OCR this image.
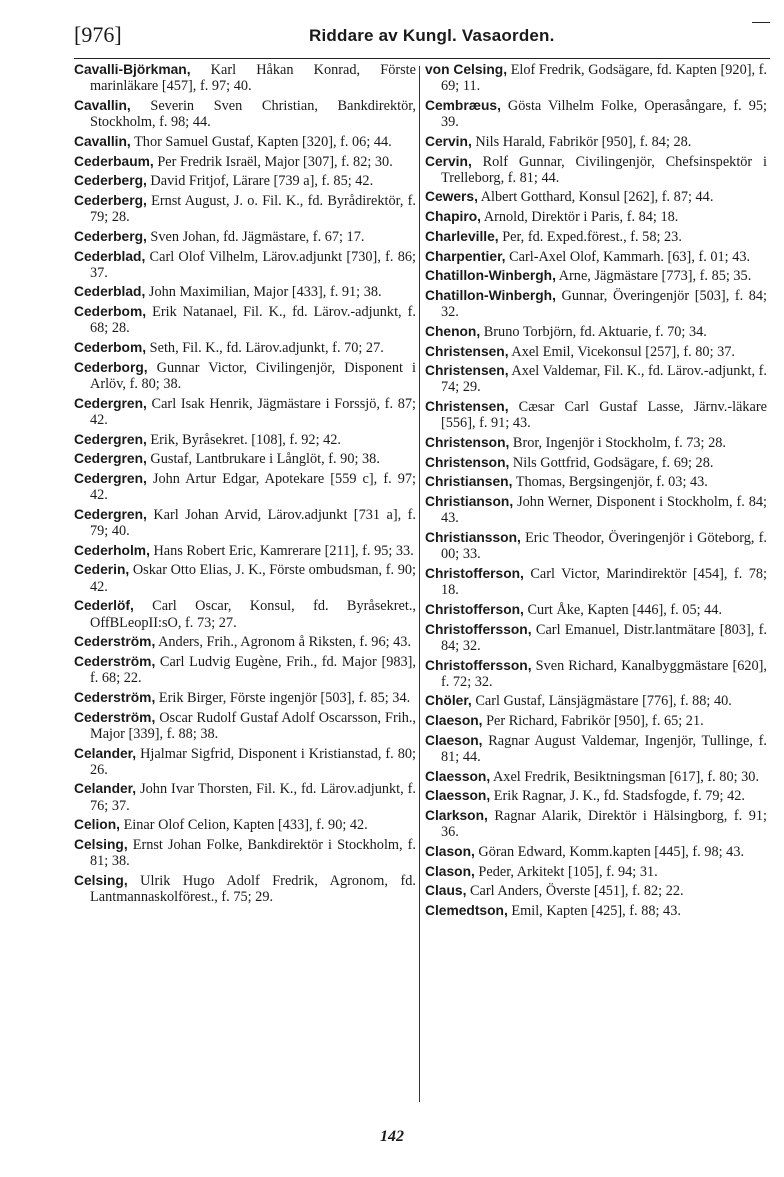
[976]	Riddare av Kungl. Vasaorden.

Cavalli-Björkman, Karl Håkan Konrad, Förste marinläkare [457], f. 97; 40.

Cavallin, Severin Sven Christian, Bankdirektör, Stockholm, f. 98; 44.

Cavallin, Thor Samuel Gustaf, Kapten [320], f. 06; 44.

Cederbaum, Per Fredrik Israël, Major [307], f. 82; 30.

Cederberg, David Fritjof, Lärare [739 a], f. 85; 42.

Cederberg, Ernst August, J. o. Fil. K., fd. Byrådirektör, f. 79; 28.

Cederberg, Sven Johan, fd. Jägmästare, f. 67; 17.

Cederblad, Carl Olof Vilhelm, Lärov.adjunkt [730], f. 86; 37.

Cederblad, John Maximilian, Major [433], f. 91; 38.

Cederbom, Erik Natanael, Fil. K., fd. Lärov.-adjunkt, f. 68; 28.

Cederbom, Seth, Fil. K., fd. Lärov.adjunkt, f. 70; 27.

Cederborg, Gunnar Victor, Civilingenjör, Disponent i Arlöv, f. 80; 38.

Cedergren, Carl Isak Henrik, Jägmästare i Forssjö, f. 87; 42.

Cedergren, Erik, Byråsekret. [108], f. 92; 42.

Cedergren, Gustaf, Lantbrukare i Långlöt, f. 90; 38.

Cedergren, John Artur Edgar, Apotekare [559 c], f. 97; 42.

Cedergren, Karl Johan Arvid, Lärov.adjunkt [731 a], f. 79; 40.

Cederholm, Hans Robert Eric, Kamrerare [211], f. 95; 33.

Cederin, Oskar Otto Elias, J. K., Förste ombudsman, f. 90; 42.

Cederlöf, Carl Oscar, Konsul, fd. Byråsekret., OffBLeopII:sO, f. 73; 27.

Cederström, Anders, Frih., Agronom å Riksten, f. 96; 43.

Cederström, Carl Ludvig Eugène, Frih., fd. Major [983], f. 68; 22.

Cederström, Erik Birger, Förste ingenjör [503], f. 85; 34.

Cederström, Oscar Rudolf Gustaf Adolf Oscarsson, Frih., Major [339], f. 88; 38.

Celander, Hjalmar Sigfrid, Disponent i Kristianstad, f. 80; 26.

Celander, John Ivar Thorsten, Fil. K., fd. Lärov.adjunkt, f. 76; 37.

Celion, Einar Olof Celion, Kapten [433], f. 90; 42.

Celsing, Ernst Johan Folke, Bankdirektör i Stockholm, f. 81; 38.

Celsing, Ulrik Hugo Adolf Fredrik, Agronom, fd. Lantmannaskolförest., f. 75; 29.

von Celsing, Elof Fredrik, Godsägare, fd. Kapten [920], f. 69; 11.

Cembræus, Gösta Vilhelm Folke, Operasångare, f. 95; 39.

Cervin, Nils Harald, Fabrikör [950], f. 84; 28.

Cervin, Rolf Gunnar, Civilingenjör, Chefsinspektör i Trelleborg, f. 81; 44.

Cewers, Albert Gotthard, Konsul [262], f. 87; 44.

Chapiro, Arnold, Direktör i Paris, f. 84; 18.

Charleville, Per, fd. Exped.förest., f. 58; 23.

Charpentier, Carl-Axel Olof, Kammarh. [63], f. 01; 43.

Chatillon-Winbergh, Arne, Jägmästare [773], f. 85; 35.

Chatillon-Winbergh, Gunnar, Överingenjör [503], f. 84; 32.

Chenon, Bruno Torbjörn, fd. Aktuarie, f. 70; 34.

Christensen, Axel Emil, Vicekonsul [257], f. 80; 37.

Christensen, Axel Valdemar, Fil. K., fd. Lärov.-adjunkt, f. 74; 29.

Christensen, Cæsar Carl Gustaf Lasse, Järnv.-läkare [556], f. 91; 43.

Christenson, Bror, Ingenjör i Stockholm, f. 73; 28.

Christenson, Nils Gottfrid, Godsägare, f. 69; 28.

Christiansen, Thomas, Bergsingenjör, f. 03; 43.

Christianson, John Werner, Disponent i Stockholm, f. 84; 43.

Christiansson, Eric Theodor, Överingenjör i Göteborg, f. 00; 33.

Christofferson, Carl Victor, Marindirektör [454], f. 78; 18.

Christofferson, Curt Åke, Kapten [446], f. 05; 44.

Christoffersson, Carl Emanuel, Distr.lantmätare [803], f. 84; 32.

Christoffersson, Sven Richard, Kanalbyggmästare [620], f. 72; 32.

Chöler, Carl Gustaf, Länsjägmästare [776], f. 88; 40.

Claeson, Per Richard, Fabrikör [950], f. 65; 21.

Claeson, Ragnar August Valdemar, Ingenjör, Tullinge, f. 81; 44.

Claesson, Axel Fredrik, Besiktningsman [617], f. 80; 30.

Claesson, Erik Ragnar, J. K., fd. Stadsfogde, f. 79; 42.

Clarkson, Ragnar Alarik, Direktör i Hälsingborg, f. 91; 36.

Clason, Göran Edward, Komm.kapten [445], f. 98; 43.

Clason, Peder, Arkitekt [105], f. 94; 31.

Claus, Carl Anders, Överste [451], f. 82; 22.

Clemedtson, Emil, Kapten [425], f. 88; 43.

142
